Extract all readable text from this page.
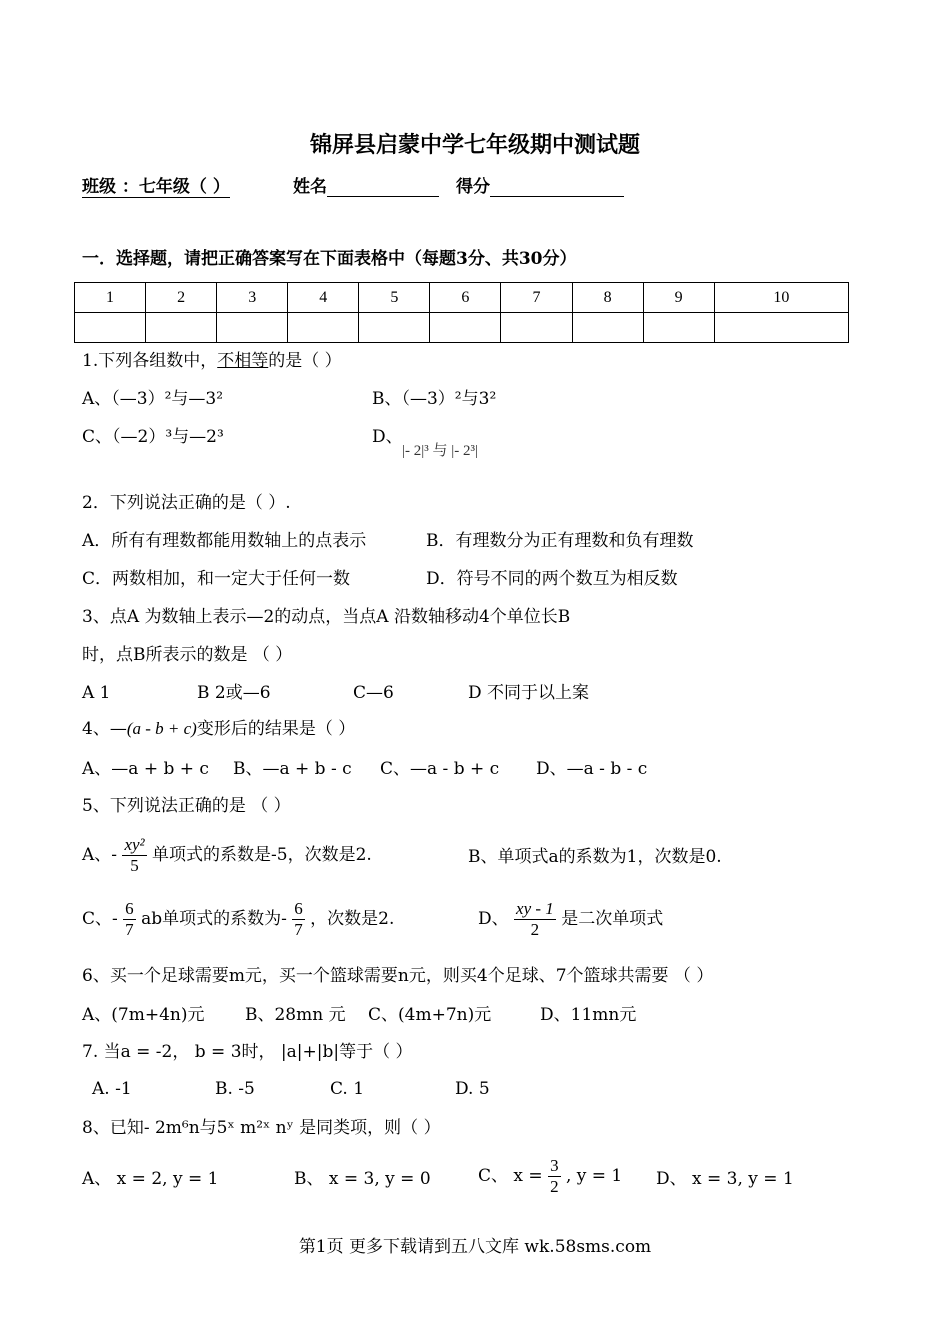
锦屏县启蒙中学七年级期中测试题
班级 ：七年级（ ）	姓名	得分
一．选择题，请把正确答案写在下面表格中（每题3分、共30分）
1	2	3	4	5	6	7	8	9	10

1.下列各组数中，不相等的是（ ）
A、（—3）²与—3²	B、（—3）²与3²
C、（—2）³与—2³	D、
|- 2|³ 与 |- 2³|
2．下列说法正确的是（ ）.
A．所有有理数都能用数轴上的点表示	B．有理数分为正有理数和负有理数
C．两数相加，和一定大于任何一数	D．符号不同的两个数互为相反数
3、点A 为数轴上表示—2的动点，当点A 沿数轴移动4个单位长B
时，点B所表示的数是 （ ）
A 1	B 2或—6	C—6	D 不同于以上案
4、—(a - b + c)变形后的结果是（ ）
A、—a + b + c B、—a + b - c C、—a - b + c D、—a - b - c
5、下列说法正确的是 （ ）
A、- $\frac{\text{xy²}}{5}$ 单项式的系数是-5，次数是2.	B、单项式a的系数为1，次数是0.
C、- $\frac{6}{7}$ ab单项式的系数为- $\frac{6}{7}$ ，次数是2.	D、 $\frac{xy - 1}{2}$ 是二次单项式
6、买一个足球需要m元，买一个篮球需要n元，则买4个足球、7个篮球共需要 （ ）
A、(7m+4n)元 B、28mn 元 C、(4m+7n)元	D、11mn元
7. 当a = -2， b = 3时， |a|+|b|等于（ ）
A. -1	B. -5	C. 1	D. 5
8、已知- 2m⁶n与5ˣ m²ˣ nʸ 是同类项，则（ ）
A、 x = 2, y = 1	B、 x = 3, y = 0	C、 $x = \frac{3}{2}$ , y = 1 D、 x = 3, y = 1
第1页 更多下载请到五八文库 wk.58sms.com
